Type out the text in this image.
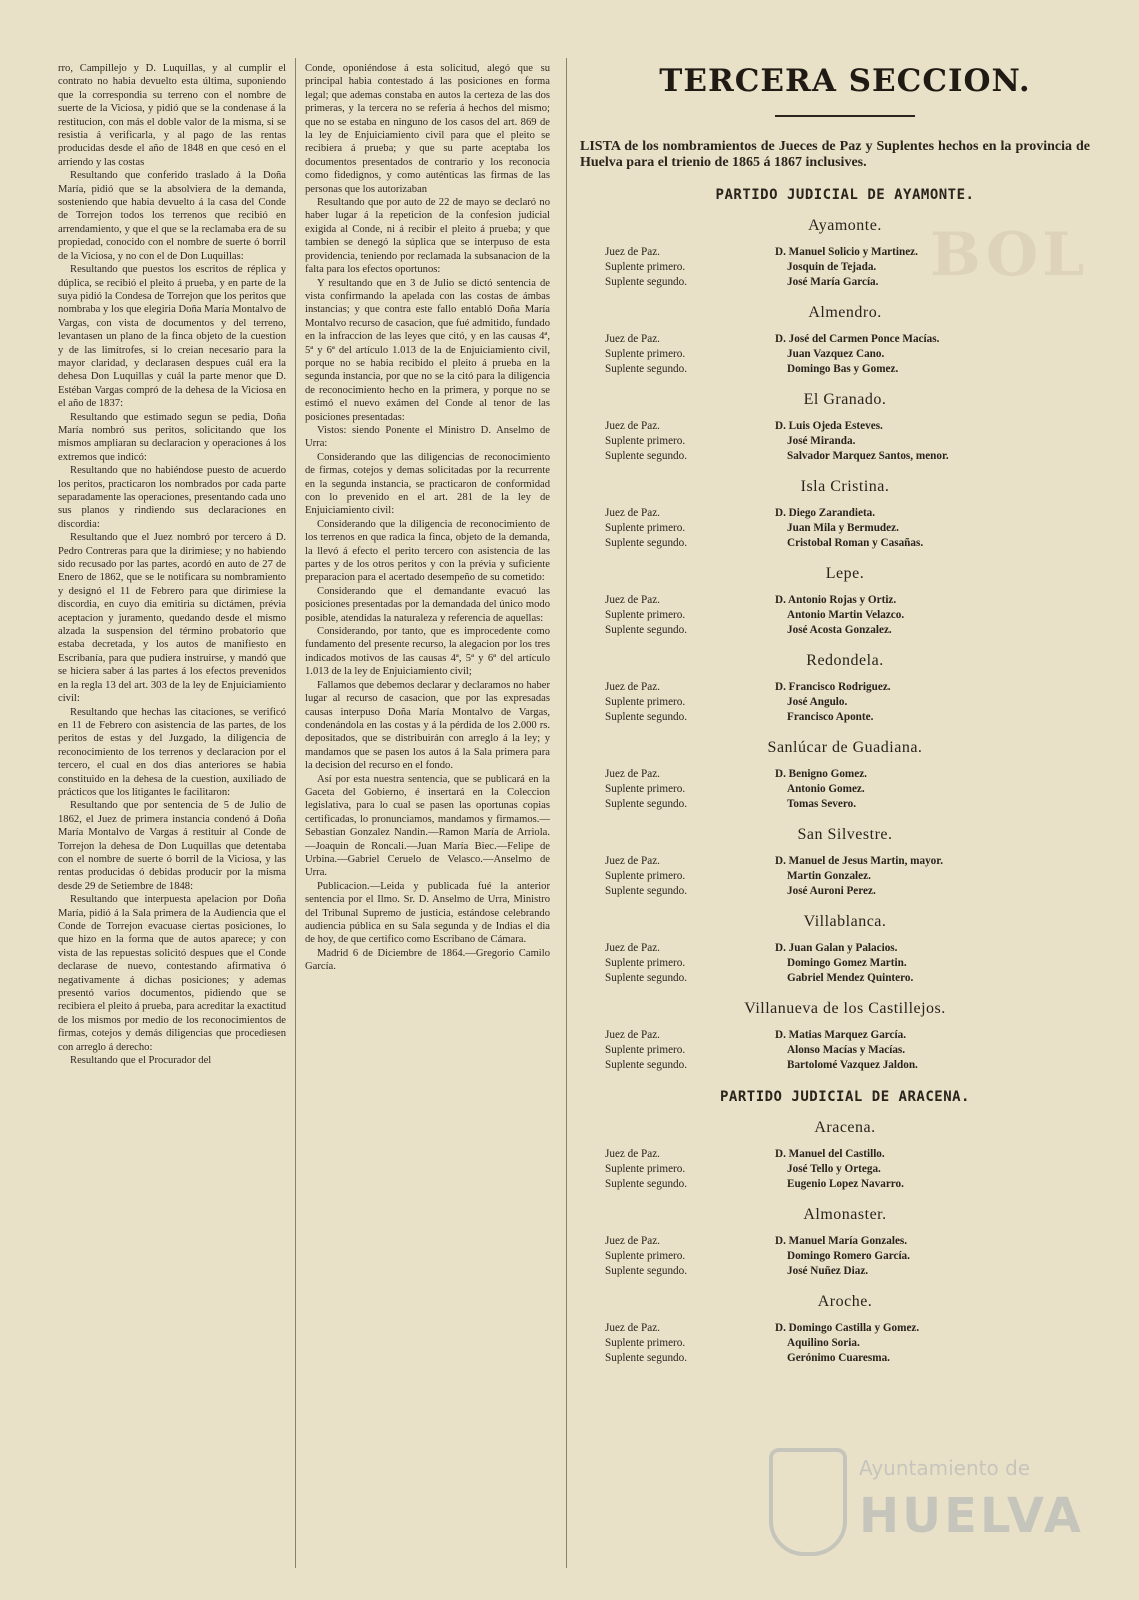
BOL

rro, Campillejo y D. Luquillas, y al cumplir el contrato no habia devuelto esta última, suponiendo que la correspondia su terreno con el nombre de suerte de la Viciosa, y pidió que se la condenase á la restitucion, con más el doble valor de la misma, si se resistia á verificarla, y al pago de las rentas producidas desde el año de 1848 en que cesó en el arriendo y las costas

Resultando que conferido traslado á la Doña María, pidió que se la absolviera de la demanda, sosteniendo que habia devuelto á la casa del Conde de Torrejon todos los terrenos que recibió en arrendamiento, y que el que se la reclamaba era de su propiedad, conocido con el nombre de suerte ó borril de la Viciosa, y no con el de Don Luquillas:

Resultando que puestos los escritos de réplica y dúplica, se recibió el pleito á prueba, y en parte de la suya pidió la Condesa de Torrejon que los peritos que nombraba y los que elegiria Doña María Montalvo de Vargas, con vista de documentos y del terreno, levantasen un plano de la finca objeto de la cuestion y de las limítrofes, si lo creian necesario para la mayor claridad, y declarasen despues cuál era la dehesa Don Luquillas y cuál la parte menor que D. Estéban Vargas compró de la dehesa de la Viciosa en el año de 1837:

Resultando que estimado segun se pedia, Doña María nombró sus peritos, solicitando que los mismos ampliaran su declaracion y operaciones á los extremos que indicó:

Resultando que no habiéndose puesto de acuerdo los peritos, practicaron los nombrados por cada parte separadamente las operaciones, presentando cada uno sus planos y rindiendo sus declaraciones en discordia:

Resultando que el Juez nombró por tercero á D. Pedro Contreras para que la dirimiese; y no habiendo sido recusado por las partes, acordó en auto de 27 de Enero de 1862, que se le notificara su nombramiento y designó el 11 de Febrero para que dirimiese la discordia, en cuyo dia emitiria su dictámen, prévia aceptacion y juramento, quedando desde el mismo alzada la suspension del término probatorio que estaba decretada, y los autos de manifiesto en Escribanía, para que pudiera instruirse, y mandó que se hiciera saber á las partes á los efectos prevenidos en la regla 13 del art. 303 de la ley de Enjuiciamiento civil:

Resultando que hechas las citaciones, se verificó en 11 de Febrero con asistencia de las partes, de los peritos de estas y del Juzgado, la diligencia de reconocimiento de los terrenos y declaracion por el tercero, el cual en dos dias anteriores se habia constituido en la dehesa de la cuestion, auxiliado de prácticos que los litigantes le facilitaron:

Resultando que por sentencia de 5 de Julio de 1862, el Juez de primera instancia condenó á Doña María Montalvo de Vargas á restituir al Conde de Torrejon la dehesa de Don Luquillas que detentaba con el nombre de suerte ó borril de la Viciosa, y las rentas producidas ó debidas producir por la misma desde 29 de Setiembre de 1848:

Resultando que interpuesta apelacion por Doña María, pidió á la Sala primera de la Audiencia que el Conde de Torrejon evacuase ciertas posiciones, lo que hizo en la forma que de autos aparece; y con vista de las repuestas solicitó despues que el Conde declarase de nuevo, contestando afirmativa ó negativamente á dichas posiciones; y ademas presentó varios documentos, pidiendo que se recibiera el pleito á prueba, para acreditar la exactitud de los mismos por medio de los reconocimientos de firmas, cotejos y demás diligencias que procediesen con arreglo á derecho:

Resultando que el Procurador del

Conde, oponiéndose á esta solicitud, alegó que su principal habia contestado á las posiciones en forma legal; que ademas constaba en autos la certeza de las dos primeras, y la tercera no se referia á hechos del mismo; que no se estaba en ninguno de los casos del art. 869 de la ley de Enjuiciamiento civil para que el pleito se recibiera á prueba; y que su parte aceptaba los documentos presentados de contrario y los reconocia como fidedignos, y como auténticas las firmas de las personas que los autorizaban

Resultando que por auto de 22 de mayo se declaró no haber lugar á la repeticion de la confesion judicial exigida al Conde, ni á recibir el pleito á prueba; y que tambien se denegó la súplica que se interpuso de esta providencia, teniendo por reclamada la subsanacion de la falta para los efectos oportunos:

Y resultando que en 3 de Julio se dictó sentencia de vista confirmando la apelada con las costas de ámbas instancias; y que contra este fallo entabló Doña María Montalvo recurso de casacion, que fué admitido, fundado en la infraccion de las leyes que citó, y en las causas 4ª, 5ª y 6ª del artículo 1.013 de la de Enjuiciamiento civil, porque no se habia recibido el pleito á prueba en la segunda instancia, por que no se la citó para la diligencia de reconocimiento hecho en la primera, y porque no se estimó el nuevo exámen del Conde al tenor de las posiciones presentadas:

Vistos: siendo Ponente el Ministro D. Anselmo de Urra:

Considerando que las diligencias de reconocimiento de firmas, cotejos y demas solicitadas por la recurrente en la segunda instancia, se practicaron de conformidad con lo prevenido en el art. 281 de la ley de Enjuiciamiento civil:

Considerando que la diligencia de reconocimiento de los terrenos en que radica la finca, objeto de la demanda, la llevó á efecto el perito tercero con asistencia de las partes y de los otros peritos y con la prévia y suficiente preparacion para el acertado desempeño de su cometido:

Considerando que el demandante evacuó las posiciones presentadas por la demandada del único modo posible, atendidas la naturaleza y referencia de aquellas:

Considerando, por tanto, que es improcedente como fundamento del presente recurso, la alegacion por los tres indicados motivos de las causas 4ª, 5ª y 6ª del artículo 1.013 de la ley de Enjuiciamiento civil;

Fallamos que debemos declarar y declaramos no haber lugar al recurso de casacion, que por las expresadas causas interpuso Doña María Montalvo de Vargas, condenándola en las costas y á la pérdida de los 2.000 rs. depositados, que se distribuirán con arreglo á la ley; y mandamos que se pasen los autos á la Sala primera para la decision del recurso en el fondo.

Así por esta nuestra sentencia, que se publicará en la Gaceta del Gobierno, é insertará en la Coleccion legislativa, para lo cual se pasen las oportunas copias certificadas, lo pronunciamos, mandamos y firmamos.—Sebastian Gonzalez Nandin.—Ramon María de Arriola.—Joaquin de Roncali.—Juan María Biec.—Felipe de Urbina.—Gabriel Ceruelo de Velasco.—Anselmo de Urra.

Publicacion.—Leida y publicada fué la anterior sentencia por el Ilmo. Sr. D. Anselmo de Urra, Ministro del Tribunal Supremo de justicia, estándose celebrando audiencia pública en su Sala segunda y de Indias el dia de hoy, de que certifico como Escribano de Cámara.

Madrid 6 de Diciembre de 1864.—Gregorio Camilo García.

TERCERA SECCION.
LISTA de los nombramientos de Jueces de Paz y Suplentes hechos en la provincia de Huelva para el trienio de 1865 á 1867 inclusives.
PARTIDO JUDICIAL DE AYAMONTE.
Ayamonte.
Juez de Paz.
Suplente primero.
Suplente segundo.
D. Manuel Solicio y Martinez.
Josquin de Tejada.
José María García.
Almendro.
Juez de Paz.
Suplente primero.
Suplente segundo.
D. José del Carmen Ponce Macías.
Juan Vazquez Cano.
Domingo Bas y Gomez.
El Granado.
Juez de Paz.
Suplente primero.
Suplente segundo.
D. Luis Ojeda Esteves.
José Miranda.
Salvador Marquez Santos, menor.
Isla Cristina.
Juez de Paz.
Suplente primero.
Suplente segundo.
D. Diego Zarandieta.
Juan Mila y Bermudez.
Cristobal Roman y Casañas.
Lepe.
Juez de Paz.
Suplente primero.
Suplente segundo.
D. Antonio Rojas y Ortiz.
Antonio Martin Velazco.
José Acosta Gonzalez.
Redondela.
Juez de Paz.
Suplente primero.
Suplente segundo.
D. Francisco Rodriguez.
José Angulo.
Francisco Aponte.
Sanlúcar de Guadiana.
Juez de Paz.
Suplente primero.
Suplente segundo.
D. Benigno Gomez.
Antonio Gomez.
Tomas Severo.
San Silvestre.
Juez de Paz.
Suplente primero.
Suplente segundo.
D. Manuel de Jesus Martin, mayor.
Martin Gonzalez.
José Auroni Perez.
Villablanca.
Juez de Paz.
Suplente primero.
Suplente segundo.
D. Juan Galan y Palacios.
Domingo Gomez Martin.
Gabriel Mendez Quintero.
Villanueva de los Castillejos.
Juez de Paz.
Suplente primero.
Suplente segundo.
D. Matias Marquez García.
Alonso Macías y Macías.
Bartolomé Vazquez Jaldon.
PARTIDO JUDICIAL DE ARACENA.
Aracena.
Juez de Paz.
Suplente primero.
Suplente segundo.
D. Manuel del Castillo.
José Tello y Ortega.
Eugenio Lopez Navarro.
Almonaster.
Juez de Paz.
Suplente primero.
Suplente segundo.
D. Manuel María Gonzales.
Domingo Romero García.
José Nuñez Diaz.
Aroche.
Juez de Paz.
Suplente primero.
Suplente segundo.
D. Domingo Castilla y Gomez.
Aquilino Soria.
Gerónimo Cuaresma.
Ayuntamiento de
HUELVA
